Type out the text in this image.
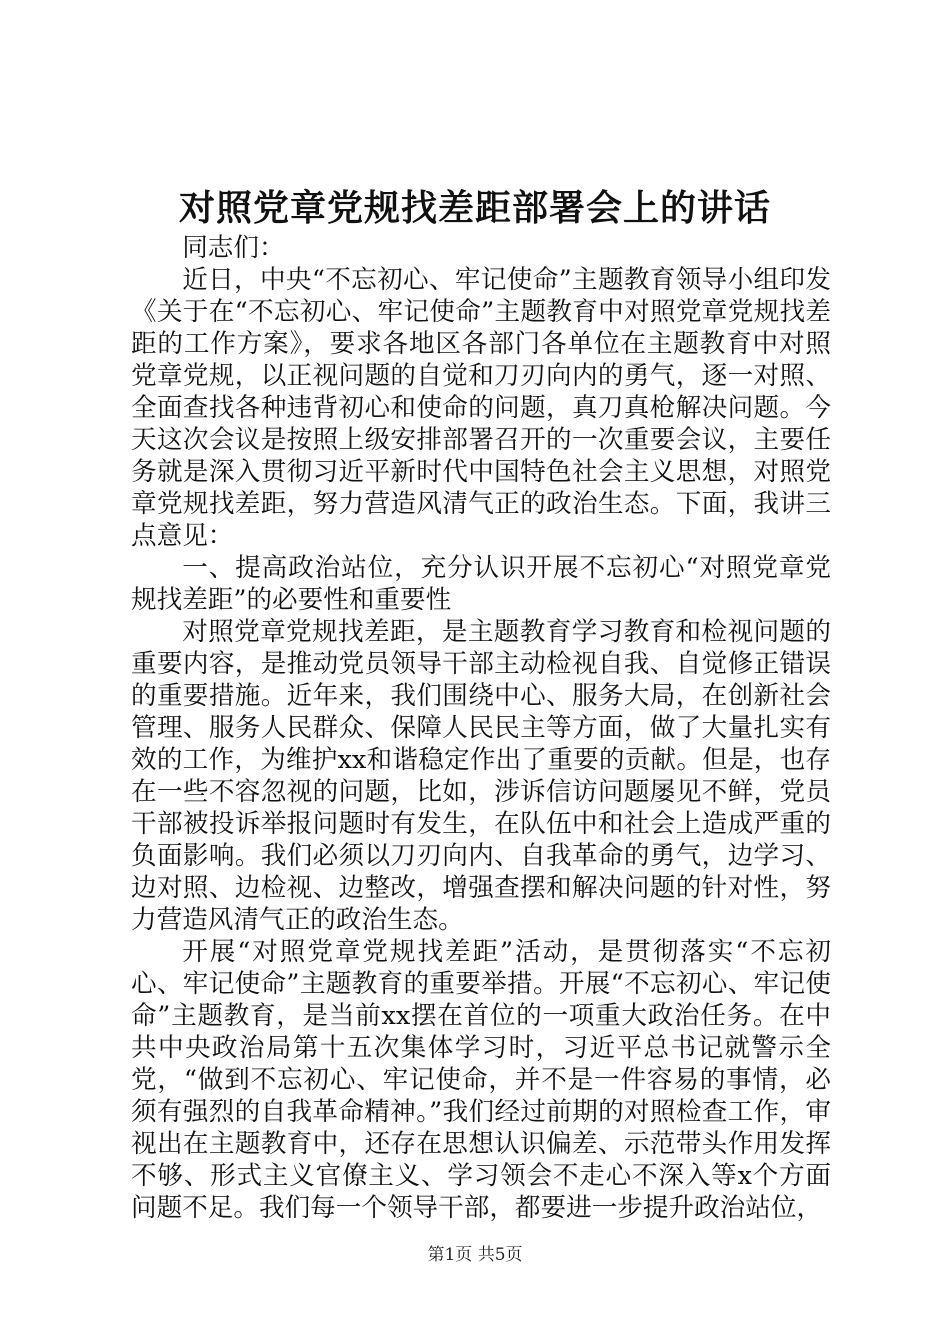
对照党章党规找差距部署会上的讲话

同志们：

近日，中央“不忘初心、牢记使命”主题教育领导小组印发《关于在“不忘初心、牢记使命”主题教育中对照党章党规找差距的工作方案》，要求各地区各部门各单位在主题教育中对照党章党规，以正视问题的自觉和刀刃向内的勇气，逐一对照、全面查找各种违背初心和使命的问题，真刀真枪解决问题。今天这次会议是按照上级安排部署召开的一次重要会议，主要任务就是深入贯彻习近平新时代中国特色社会主义思想，对照党章党规找差距，努力营造风清气正的政治生态。下面，我讲三点意见：

一、提高政治站位，充分认识开展不忘初心“对照党章党规找差距”的必要性和重要性

对照党章党规找差距，是主题教育学习教育和检视问题的重要内容，是推动党员领导干部主动检视自我、自觉修正错误的重要措施。近年来，我们围绕中心、服务大局，在创新社会管理、服务人民群众、保障人民民主等方面，做了大量扎实有效的工作，为维护xx和谐稳定作出了重要的贡献。但是，也存在一些不容忽视的问题，比如，涉诉信访问题屡见不鲜，党员干部被投诉举报问题时有发生，在队伍中和社会上造成严重的负面影响。我们必须以刀刃向内、自我革命的勇气，边学习、边对照、边检视、边整改，增强查摆和解决问题的针对性，努力营造风清气正的政治生态。

开展“对照党章党规找差距”活动，是贯彻落实“不忘初心、牢记使命”主题教育的重要举措。开展“不忘初心、牢记使命”主题教育，是当前xx摆在首位的一项重大政治任务。在中共中央政治局第十五次集体学习时，习近平总书记就警示全党，“做到不忘初心、牢记使命，并不是一件容易的事情，必须有强烈的自我革命精神。”我们经过前期的对照检查工作，审视出在主题教育中，还存在思想认识偏差、示范带头作用发挥不够、形式主义官僚主义、学习领会不走心不深入等x个方面问题不足。我们每一个领导干部，都要进一步提升政治站位，

第1页 共5页
